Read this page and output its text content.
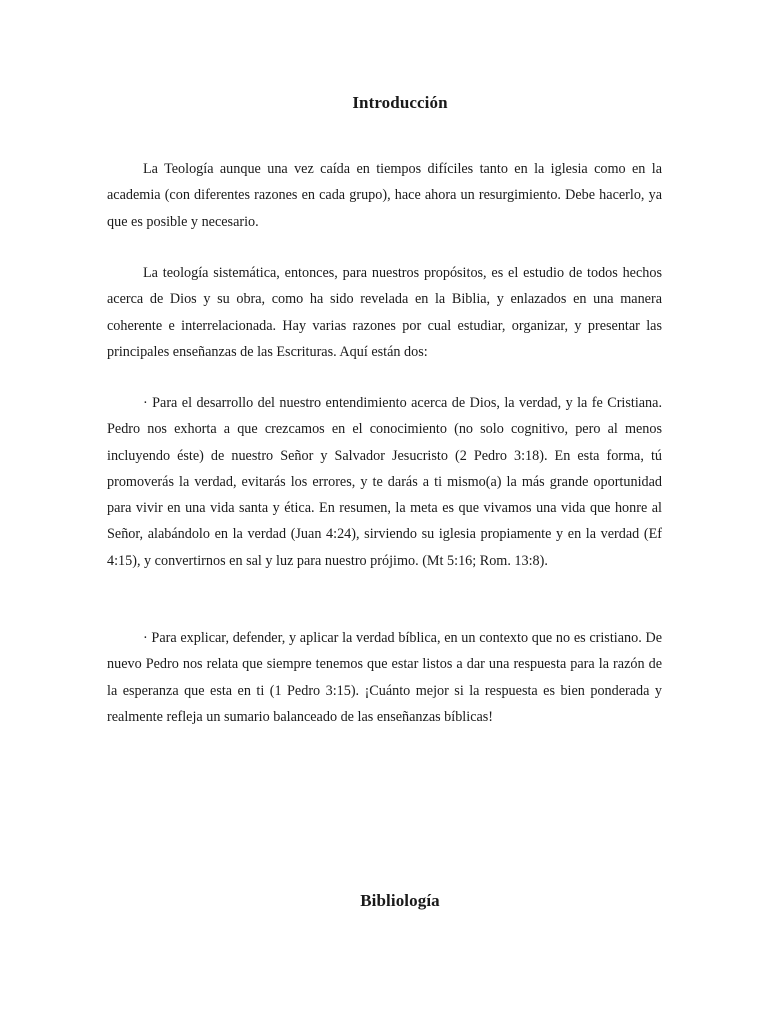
Introducción

La Teología aunque una vez caída en tiempos difíciles tanto en la iglesia como en la academia (con diferentes razones en cada grupo), hace ahora un resurgimiento. Debe hacerlo, ya que es posible y necesario.

La teología sistemática, entonces, para nuestros propósitos, es el estudio de todos hechos acerca de Dios y su obra, como ha sido revelada en la Biblia, y enlazados en una manera coherente e interrelacionada. Hay varias razones por cual estudiar, organizar, y presentar las principales enseñanzas de las Escrituras. Aquí están dos:

· Para el desarrollo del nuestro entendimiento acerca de Dios, la verdad, y la fe Cristiana. Pedro nos exhorta a que crezcamos en el conocimiento (no solo cognitivo, pero al menos incluyendo éste) de nuestro Señor y Salvador Jesucristo (2 Pedro 3:18). En esta forma, tú promoverás la verdad, evitarás los errores, y te darás a ti mismo(a) la más grande oportunidad para vivir en una vida santa y ética. En resumen, la meta es que vivamos una vida que honre al Señor, alabándolo en la verdad (Juan 4:24), sirviendo su iglesia propiamente y en la verdad (Ef 4:15), y convertirnos en sal y luz para nuestro prójimo. (Mt 5:16; Rom. 13:8).

· Para explicar, defender, y aplicar la verdad bíblica, en un contexto que no es cristiano. De nuevo Pedro nos relata que siempre tenemos que estar listos a dar una respuesta para la razón de la esperanza que esta en ti (1 Pedro 3:15). ¡Cuánto mejor si la respuesta es bien ponderada y realmente refleja un sumario balanceado de las enseñanzas bíblicas!

Bibliología
